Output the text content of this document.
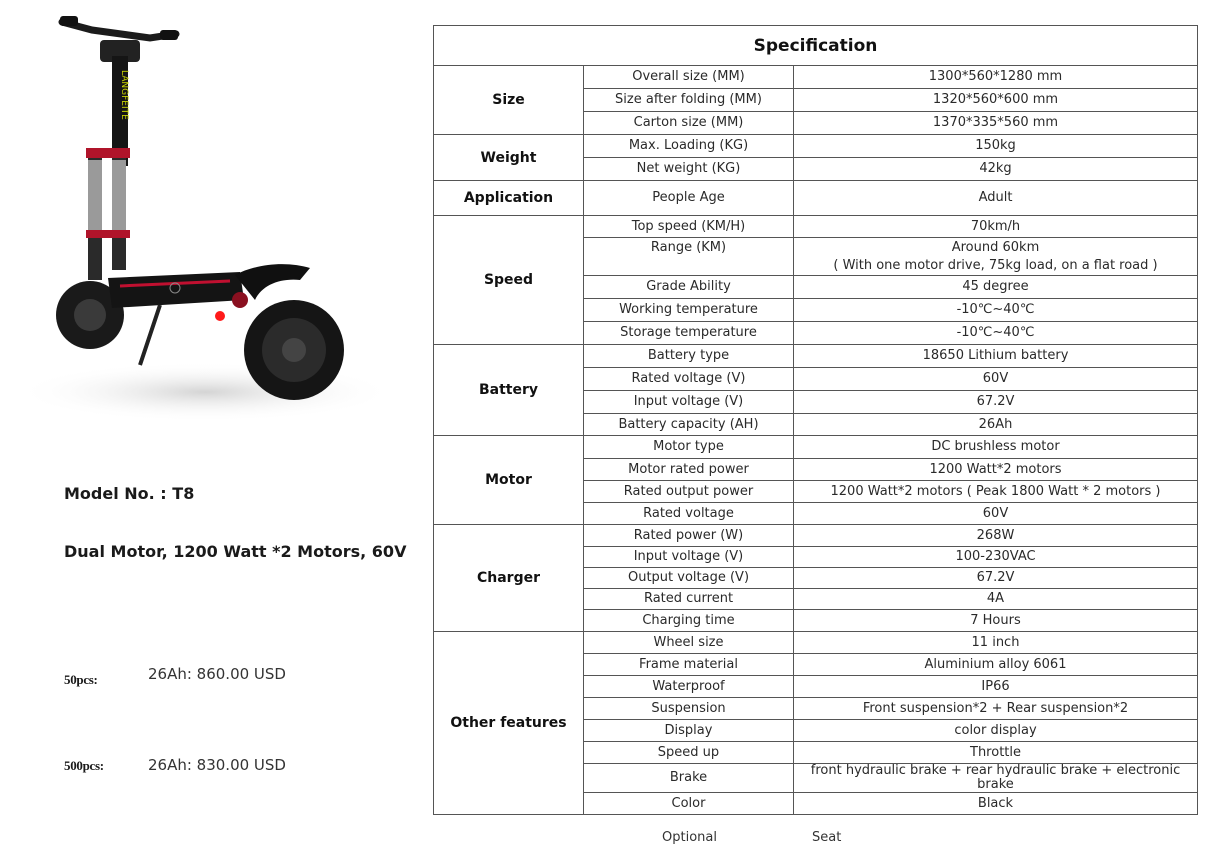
LANGFEITE
Model No. : T8
Dual Motor, 1200 Watt *2 Motors, 60V
50pcs:	26Ah: 860.00 USD
500pcs:	26Ah: 830.00 USD
Specification		
Size	Overall size (MM)	1300*560*1280 mm
	Size after folding (MM)	1320*560*600 mm
	Carton size (MM)	1370*335*560 mm
Weight	Max. Loading (KG)	150kg
	Net weight (KG)	42kg
Application	People Age	Adult
Speed	Top speed (KM/H)	70km/h
	Range (KM)	Around 60km
( With one motor drive, 75kg load, on a flat road )

	Grade Ability	45 degree
	Working temperature	-10℃~40℃
	Storage temperature	-10℃~40℃
Battery	Battery type	18650 Lithium battery
	Rated voltage (V)	60V
	Input voltage (V)	67.2V
	Battery capacity (AH)	26Ah
Motor	Motor type	DC brushless motor
	Motor rated power	1200 Watt*2 motors
	Rated output power	1200 Watt*2 motors ( Peak 1800 Watt * 2 motors )
	Rated voltage	60V
Charger	Rated power (W)	268W
	Input voltage (V)	100-230VAC
	Output voltage (V)	67.2V
	Rated current	4A
	Charging time	7 Hours
Other features	Wheel size	11 inch
	Frame material	Aluminium alloy 6061
	Waterproof	IP66
	Suspension	Front suspension*2 + Rear suspension*2
	Display	color display
	Speed up	Throttle
	Brake	front hydraulic brake + rear hydraulic brake + electronic brake
	Color	Black
Optional	Seat
